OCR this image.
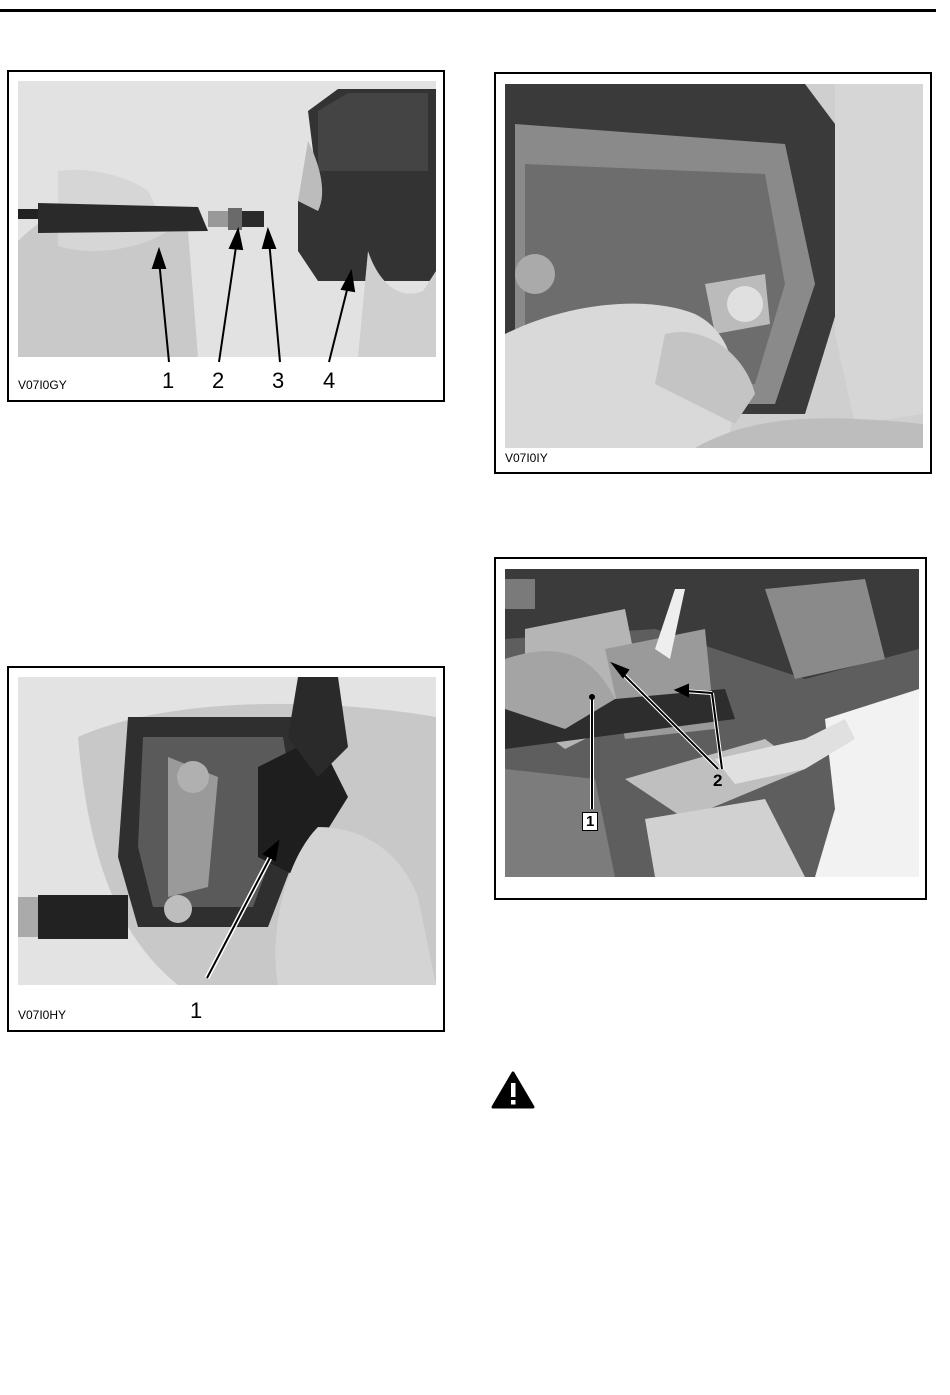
1 2 3 4
V07I0GY
V07I0IY
1
V07I0HY
1
2
